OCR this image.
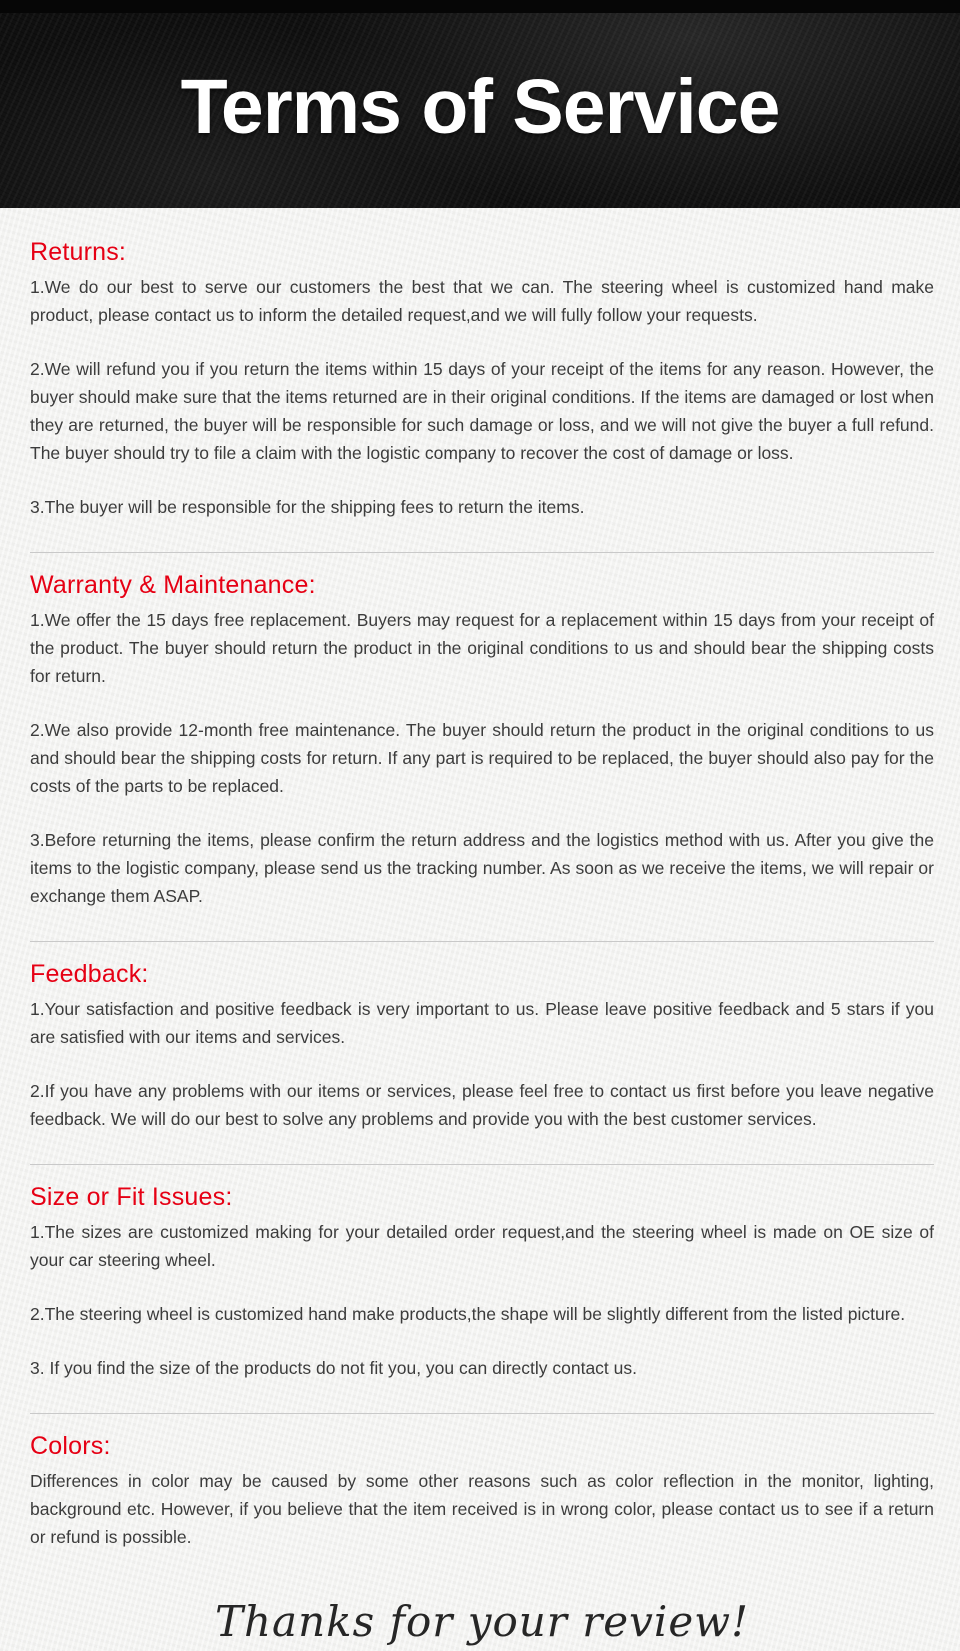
Terms of Service
Returns:

1.We do our best to serve our customers the best that we can. The steering wheel is customized hand make product, please contact us to inform the detailed request,and we will fully follow your requests.

2.We will refund you if you return the items within 15 days of your receipt of the items for any reason. However, the buyer should make sure that the items returned are in their original conditions. If the items are damaged or lost when they are returned, the buyer will be responsible for such damage or loss, and we will not give the buyer a full refund. The buyer should try to file a claim with the logistic company to recover the cost of damage or loss.

3.The buyer will be responsible for the shipping fees to return the items.

Warranty & Maintenance:

1.We offer the 15 days free replacement. Buyers may request for a replacement within 15 days from your receipt of the product. The buyer should return the product in the original conditions to us and should bear the shipping costs for return.

2.We also provide 12-month free maintenance. The buyer should return the product in the original conditions to us and should bear the shipping costs for return. If any part is required to be replaced, the buyer should also pay for the costs of the parts to be replaced.

3.Before returning the items, please confirm the return address and the logistics method with us. After you give the items to the logistic company, please send us the tracking number. As soon as we receive the items, we will repair or exchange them ASAP.

Feedback:

1.Your satisfaction and positive feedback is very important to us. Please leave positive feedback and 5 stars if you are satisfied with our items and services.

2.If you have any problems with our items or services, please feel free to contact us first before you leave negative feedback. We will do our best to solve any problems and provide you with the best customer services.

Size or Fit Issues:

1.The sizes are customized making for your detailed order request,and the steering wheel is made on OE size of your car steering wheel.

2.The steering wheel is customized hand make products,the shape will be slightly different from the listed picture.

3. If you find the size of the products do not fit you, you can directly contact us.

Colors:

Differences in color may be caused by some other reasons such as color reflection in the monitor, lighting, background etc. However, if you believe that the item received is in wrong color, please contact us to see if a return or refund is possible.

Thanks for your review!
